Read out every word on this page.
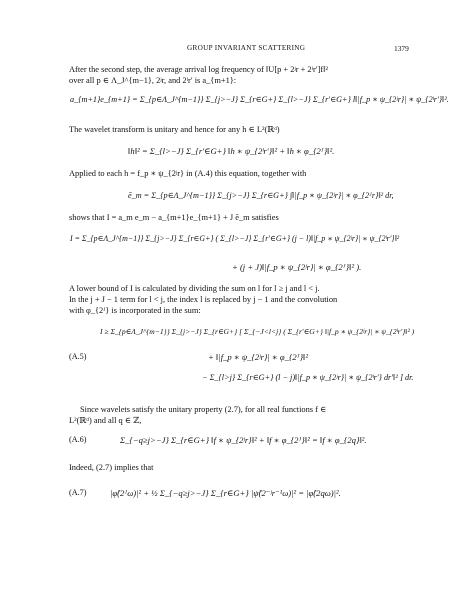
GROUP INVARIANT SCATTERING	1379
After the second step, the average arrival log frequency of ‖U[p + 2ʲr + 2ˡr′]f‖²
over all p ∈ Λ_J^{m−1}, 2ʲr, and 2ˡr′ is a_{m+1}:
a_{m+1}e_{m+1} = Σ_{p∈Λ_J^{m−1}} Σ_{j>−J} Σ_{r∈G+} Σ_{l>−J} Σ_{r′∈G+} l‖|f_p ∗ ψ_{2ʲr}| ∗ ψ_{2ˡr′}‖².
The wavelet transform is unitary and hence for any h ∈ L²(ℝᵈ)
‖h‖² = Σ_{l>−J} Σ_{r′∈G+} ‖h ∗ ψ_{2ˡr′}‖² + ‖h ∗ φ_{2ᴶ}‖².
Applied to each h = f_p ∗ ψ_{2ʲr} in (A.4) this equation, together with
ē_m = Σ_{p∈Λ_J^{m−1}} Σ_{j>−J} Σ_{r∈G+} ∫‖|f_p ∗ ψ_{2ʲr}| ∗ φ_{2ᴶr}‖² dr,
shows that I = a_m e_m − a_{m+1}e_{m+1} + J ē_m satisfies
I = Σ_{p∈Λ_J^{m−1}} Σ_{j>−J} Σ_{r∈G+} ( Σ_{l>−J} Σ_{r′∈G+} (j − l)‖|f_p ∗ ψ_{2ʲr}| ∗ ψ_{2ˡr′}‖²
+ (j + J)‖|f_p ∗ ψ_{2ʲr}| ∗ φ_{2ᴶ}‖² ).
A lower bound of I is calculated by dividing the sum on l for l ≥ j and l < j.
In the j + J − 1 term for l < j, the index l is replaced by j − 1 and the convolution
with φ_{2ᴶ} is incorporated in the sum:
I ≥ Σ_{p∈Λ_J^{m−1}} Σ_{j>−J} Σ_{r∈G+} [ Σ_{−J<l<j} ( Σ_{r′∈G+} ‖|f_p ∗ ψ_{2ʲr}| ∗ ψ_{2ˡr′}‖² )
(A.5)	+ ‖|f_p ∗ ψ_{2ʲr}| ∗ φ_{2ᴶ}‖²
− Σ_{l>j} Σ_{r∈G+} (l − j)‖|f_p ∗ ψ_{2ʲr}| ∗ ψ_{2ˡr′} dr′‖² ] dr.
Since wavelets satisfy the unitary property (2.7), for all real functions f ∈
L²(ℝᵈ) and all q ∈ ℤ,
(A.6)	Σ_{−q≥j>−J} Σ_{r∈G+} ‖f ∗ ψ_{2ʲr}‖² + ‖f ∗ φ_{2ᴶ}‖² = ‖f ∗ φ_{2q}‖².
Indeed, (2.7) implies that
(A.7)	|φ̂(2ᴶω)|² + ½ Σ_{−q≥j>−J} Σ_{r∈G+} |ψ̂(2⁻ʲr⁻¹ω)|² = |φ̂(2qω)|².
